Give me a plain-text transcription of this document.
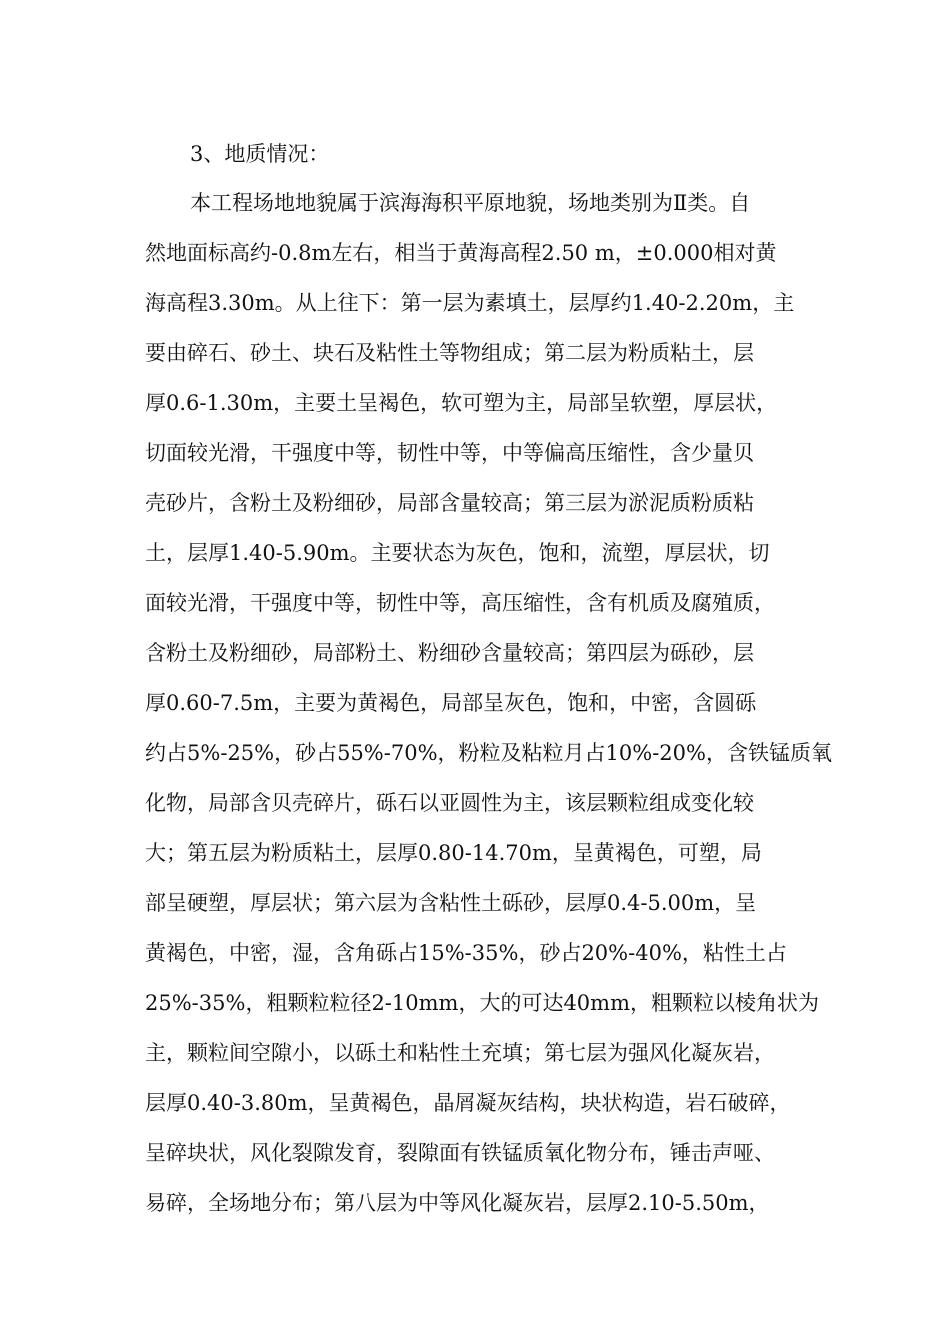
3、地质情况：
本工程场地地貌属于滨海海积平原地貌，场地类别为Ⅱ类。自
然地面标高约-0.8m左右，相当于黄海高程2.50 m，±0.000相对黄
海高程3.30m。从上往下：第一层为素填土，层厚约1.40-2.20m，主
要由碎石、砂土、块石及粘性土等物组成；第二层为粉质粘土，层
厚0.6-1.30m，主要土呈褐色，软可塑为主，局部呈软塑，厚层状，
切面较光滑，干强度中等，韧性中等，中等偏高压缩性，含少量贝
壳砂片，含粉土及粉细砂，局部含量较高；第三层为淤泥质粉质粘
土，层厚1.40-5.90m。主要状态为灰色，饱和，流塑，厚层状，切
面较光滑，干强度中等，韧性中等，高压缩性，含有机质及腐殖质，
含粉土及粉细砂，局部粉土、粉细砂含量较高；第四层为砾砂，层
厚0.60-7.5m，主要为黄褐色，局部呈灰色，饱和，中密，含圆砾
约占5%-25%，砂占55%-70%，粉粒及粘粒月占10%-20%，含铁锰质氧
化物，局部含贝壳碎片，砾石以亚圆性为主，该层颗粒组成变化较
大；第五层为粉质粘土，层厚0.80-14.70m，呈黄褐色，可塑，局
部呈硬塑，厚层状；第六层为含粘性土砾砂，层厚0.4-5.00m，呈
黄褐色，中密，湿，含角砾占15%-35%，砂占20%-40%，粘性土占
25%-35%，粗颗粒粒径2-10mm，大的可达40mm，粗颗粒以棱角状为
主，颗粒间空隙小，以砾土和粘性土充填；第七层为强风化凝灰岩，
层厚0.40-3.80m，呈黄褐色，晶屑凝灰结构，块状构造，岩石破碎，
呈碎块状，风化裂隙发育，裂隙面有铁锰质氧化物分布，锤击声哑、
易碎，全场地分布；第八层为中等风化凝灰岩，层厚2.10-5.50m，
